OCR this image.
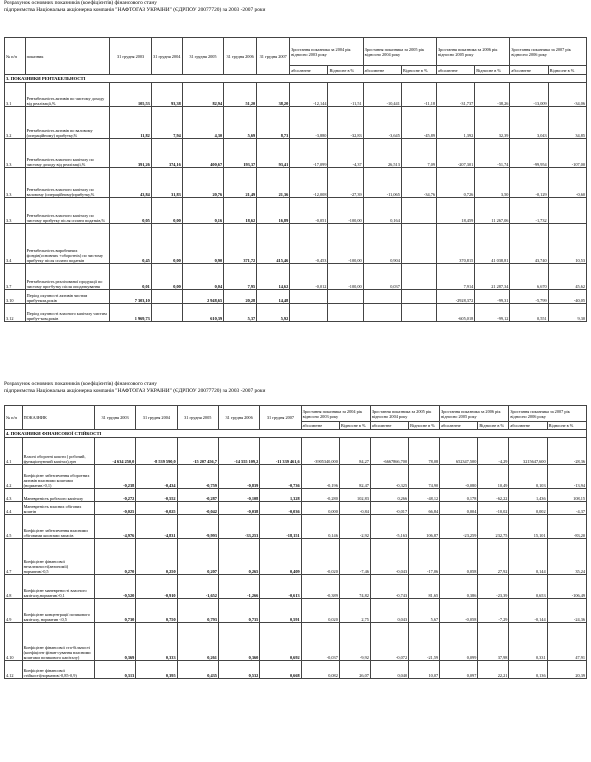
Розрахунок основних показників (коефіцієнтів) фінансового стану
підприємства Національна акціонерна компанія "НАФТОГАЗ УКРАЇНИ" (ЄДРПОУ 20077720) за 2003 -2007 роки
№ п/п	показник	31 грудня 2003	31 грудня 2004	31 грудня 2005	31 грудня 2006	31 грудня 2007	Зростання показника за 2004 рік відносно 2003 року		Зростання показника за 2005 рік відносно 2004 року		Зростання показника за 2006 рік відносно 2005 року		Зростання показника за 2007 рік відносно 2006 року	
							абсолютне	Відносне в %	абсолютне	Відносне в %	абсолютне	Відносне в %	абсолютне	Відносне в %
3. ПОКАЗНИКИ РЕНТАБЕЛЬНОСТІ														
3.1	Рентабельність активів по чистому доходу від реалізації,%	105,53	93,38	82,94	51,20	38,20	-12,144	-11,51	-10,441	-11,18	-31,737	-38,26	-13,009	-34,06
3.2	Рентабельність активів по валовому (операційному) прибутку,%	11,82	7,94	4,30	5,69	8,73	-3,880	-32,83	-3,645	-45,89	1,392	32,39	3,043	34,85
3.3	Рентабельність власного капіталу по чистому доходу від реалізації,%	391,26	374,16	400,67	193,37	93,41	-17,099	-4,37	26,513	7,09	-207,301	-51,74	-99,954	-107,00
3.3	Рентабельність власного капіталу по валовому (операційному)прибутку,%	43,84	31,83	20,76	21,49	21,36	-12,008	-27,39	-11,065	-34,76	0,726	3,50	-0,129	-0,60
3.3	Рентабельність власного капіталу по чистому прибутку після сплати податків,%	0,05	0,00	0,16	18,62	16,89	-0,051	-100,00	0,164		18,459	11 267,06	-1,732	
3.4	Рентабельність виробничих фондів(основних +оборотніх) по чистому прибутку після сплати податків	0,45	0,00	0,90	371,72	415,46	-0,453	-100,00	0,904		370,815	41 038,81	43,740	10,53
3.7	Рентабельність реалізованої продукції по чистому при-бутку після оподаткування	0,01	0,00	0,04	7,95	14,62	-0,012	-100,00	0,037		7,914	21 287,34	6,670	45,62
3.10	Період окупності активів чистим прибутком,років	7 303,10		2 948,65	20,28	14,48					-2928,372	-99,31	-5,799	-40,05
3.12	Період окупності власного капіталу чистим прибут-ком,років	1 969,73		610,39	5,37	5,92					-605,018	-99,12	0,551	9,30
Розрахунок основних показників (коефіцієнтів) фінансового стану
підприємства Національна акціонерна компанія "НАФТОГАЗ УКРАЇНИ" (ЄДРПОУ 20077720) за 2003 -2007 роки
№ п/п	ПОКАЗНИК	31 грудня 2003	31 грудня 2004	31 грудня 2005	31 грудня 2006	31 грудня 2007	Зростання показника за 2004 рік відносно 2003 року		Зростання показника за 2005 рік відносно 2004 року		Зростання показника за 2006 рік відносно 2005 року		Зростання показника за 2007 рік відносно 2006 року	
							абсолютне	Відносне в %	абсолютне	Відносне в %	абсолютне	Відносне в %	абсолютне	Відносне в %
4. ПОКАЗНИКИ ФІНАНСОВОЇ СТІЙКОСТІ														
4.1	Власні оборотні кошти ( робочий, функціонуючий капітал),грн	-4 634 250,0	-8 539 590,0	-15 207 456,7	-14 555 109,2	-11 339 461,6	-3905340,000	84,27	-6667866,700	78,08	652347,500	-4,29	3215647,600	-28,36
4.2	Коефіцієнт забезпечення оборотних активів власними коштами (норматив>0,1)	-0,238	-0,434	-0,759	-0,839	-0,736	-0,196	82,47	-0,325	74,90	-0,080	10,49	0,103	-13,94
4.3	Маневреність робочого капіталу	-0,272	-0,552	-0,287	-0,108	1,328	-0,280	102,83	0,266	-48,12	0,178	-62,22	1,436	108,15
4.4	Маневреність власних обігових коштів	-0,025	-0,025	-0,042	-0,038	-0,036	0,000	-0,84	-0,017	66,84	0,004	-10,02	0,002	-4,37
4.5	Коефіцієнт забезпечення власними обіговими коштами запасів	-4,976	-4,831	-9,993	-33,253	-18,151	0,146	-2,92	-5,163	106,87	-23,259	232,75	15,101	-83,20
4.7	Коефіцієнт фінансової незалежності(автономії) норматив>0,5	0,270	0,250	0,207	0,265	0,409	-0,020	-7,46	-0,043	-17,06	0,058	27,92	0,144	35,24
4.8	Коефіцієнт маневреності власного капіталу,норматив>0,1	-0,520	-0,910	-1,652	-1,266	-0,613	-0,389	74,82	-0,743	81,65	0,386	-23,39	0,653	-106,49
4.9	Коефіцієнт концентрації позикового капіталу, норматив <0,5	0,730	0,750	0,793	0,735	0,591	0,020	2,75	0,043	5,67	-0,058	-7,29	-0,144	-24,36
4.10	Коефіцієнт фінансової ста-більності (коефіцієнт фінан-сування власними коштами позикового капіталу)	0,369	0,333	0,261	0,360	0,692	-0,037	-9,92	-0,072	-21,59	0,099	37,98	0,331	47,91
4.12	Коефіцієнт фінансової стійкості(норматив>0,85-0,9)	0,313	0,395	0,435	0,532	0,668	0,082	26,07	0,040	10,07	0,097	22,21	0,136	20,39
